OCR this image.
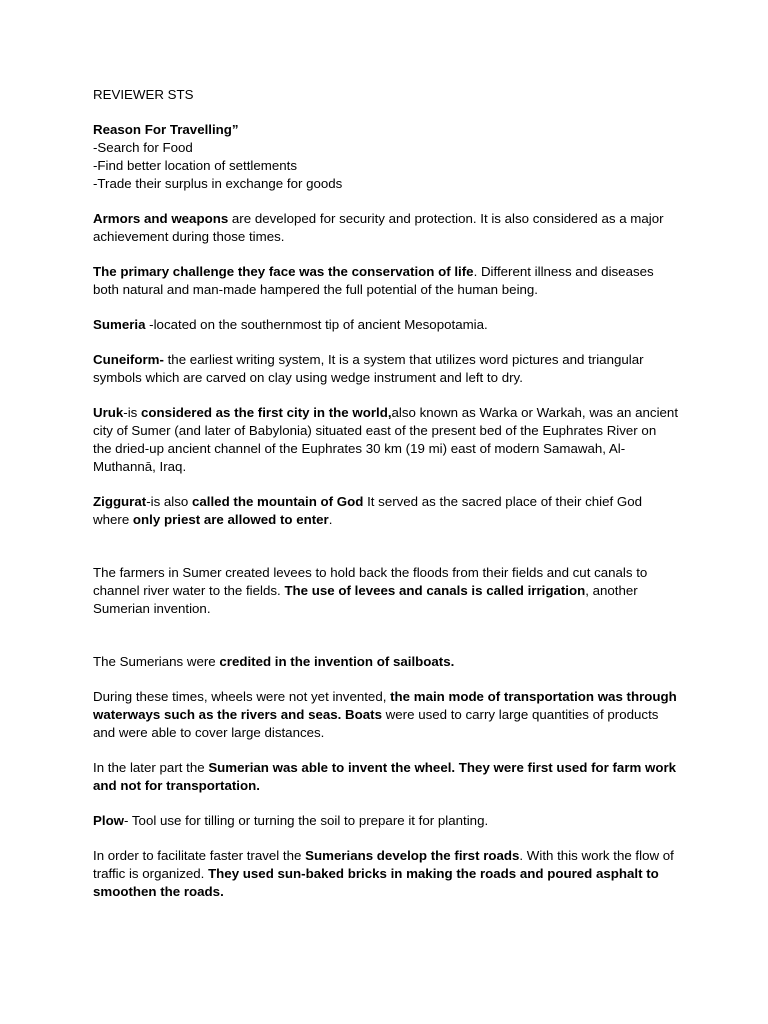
REVIEWER STS

Reason For Travelling”

-Search for Food

-Find better location of settlements

-Trade their surplus in exchange for goods

Armors and weapons are developed for security and protection. It is also considered as a major achievement during those times.

The primary challenge they face was the conservation of life. Different illness and diseases both natural and man-made hampered the full potential of the human being.

Sumeria -located on the southernmost tip of ancient Mesopotamia.

Cuneiform- the earliest writing system, It is a system that utilizes word pictures and triangular symbols which are carved on clay using wedge instrument and left to dry.

Uruk-is considered as the first city in the world,also known as Warka or Warkah, was an ancient city of Sumer (and later of Babylonia) situated east of the present bed of the Euphrates River on the dried-up ancient channel of the Euphrates 30 km (19 mi) east of modern Samawah, Al-Muthannā, Iraq.

Ziggurat-is also called the mountain of God It served as the sacred place of their chief God where only priest are allowed to enter.

The farmers in Sumer created levees to hold back the floods from their fields and cut canals to channel river water to the fields. The use of levees and canals is called irrigation, another Sumerian invention.

The Sumerians were credited in the invention of sailboats.

During these times, wheels were not yet invented, the main mode of transportation was through waterways such as the rivers and seas. Boats were used to carry large quantities of products and were able to cover large distances.

In the later part the Sumerian was able to invent the wheel. They were first used for farm work and not for transportation.

Plow- Tool use for tilling or turning the soil to prepare it for planting.

In order to facilitate faster travel the Sumerians develop the first roads. With this work the flow of traffic is organized. They used sun-baked bricks in making the roads and poured asphalt to smoothen the roads.
